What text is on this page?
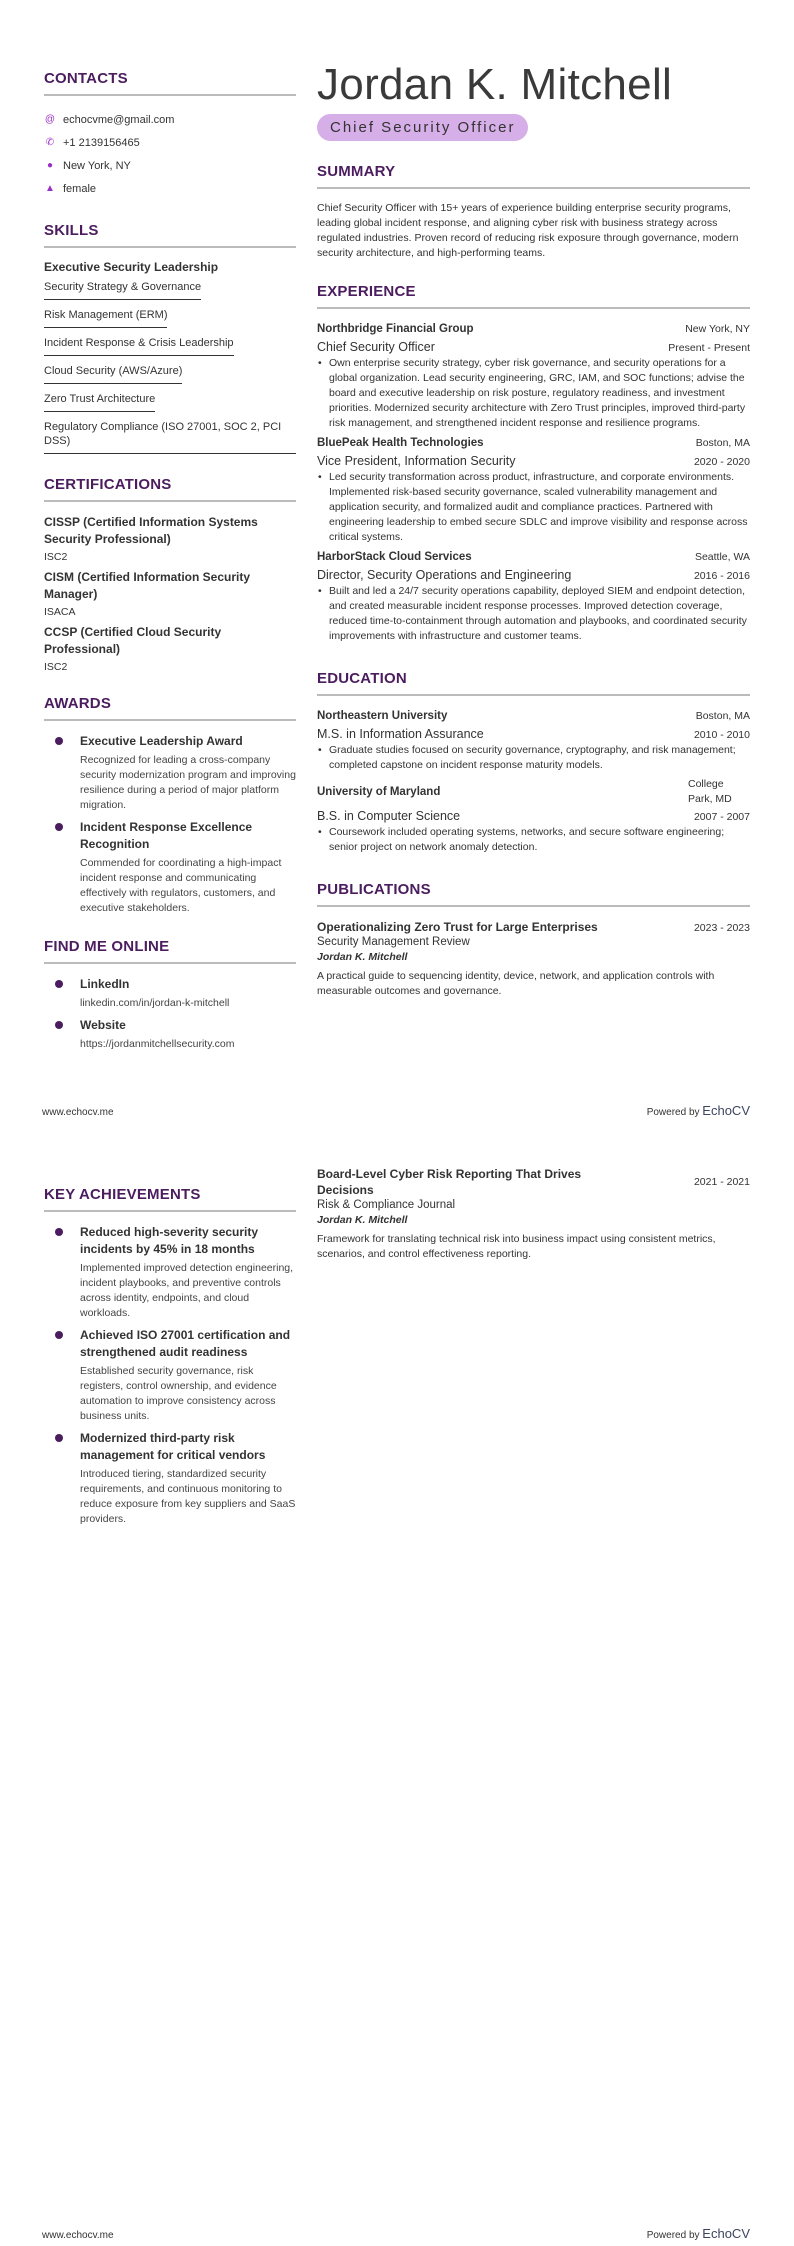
CONTACTS
@ echocvme@gmail.com
✆ +1 2139156465
● New York, NY
▲ female
SKILLS
Executive Security Leadership
Security Strategy & Governance
Risk Management (ERM)
Incident Response & Crisis Leadership
Cloud Security (AWS/Azure)
Zero Trust Architecture
Regulatory Compliance (ISO 27001, SOC 2, PCI DSS)
CERTIFICATIONS
CISSP (Certified Information Systems Security Professional)
ISC2
CISM (Certified Information Security Manager)
ISACA
CCSP (Certified Cloud Security Professional)
ISC2
AWARDS
Executive Leadership Award
Recognized for leading a cross-company security modernization program and improving resilience during a period of major platform migration.
Incident Response Excellence Recognition
Commended for coordinating a high-impact incident response and communicating effectively with regulators, customers, and executive stakeholders.
FIND ME ONLINE
LinkedIn
linkedin.com/in/jordan-k-mitchell
Website
https://jordanmitchellsecurity.com
Jordan K. Mitchell
Chief Security Officer
SUMMARY
Chief Security Officer with 15+ years of experience building enterprise security programs, leading global incident response, and aligning cyber risk with business strategy across regulated industries. Proven record of reducing risk exposure through governance, modern security architecture, and high-performing teams.
EXPERIENCE
Northbridge Financial Group	New York, NY
Chief Security Officer	Present - Present
• Own enterprise security strategy, cyber risk governance, and security operations for a global organization. Lead security engineering, GRC, IAM, and SOC functions; advise the board and executive leadership on risk posture, regulatory readiness, and investment priorities. Modernized security architecture with Zero Trust principles, improved third-party risk management, and strengthened incident response and resilience programs.
BluePeak Health Technologies	Boston, MA
Vice President, Information Security	2020 - 2020
• Led security transformation across product, infrastructure, and corporate environments. Implemented risk-based security governance, scaled vulnerability management and application security, and formalized audit and compliance practices. Partnered with engineering leadership to embed secure SDLC and improve visibility and response across critical systems.
HarborStack Cloud Services	Seattle, WA
Director, Security Operations and Engineering	2016 - 2016
• Built and led a 24/7 security operations capability, deployed SIEM and endpoint detection, and created measurable incident response processes. Improved detection coverage, reduced time-to-containment through automation and playbooks, and coordinated security improvements with infrastructure and customer teams.
EDUCATION
Northeastern University	Boston, MA
M.S. in Information Assurance	2010 - 2010
• Graduate studies focused on security governance, cryptography, and risk management; completed capstone on incident response maturity models.
University of Maryland
College Park, MD
B.S. in Computer Science	2007 - 2007
• Coursework included operating systems, networks, and secure software engineering; senior project on network anomaly detection.
PUBLICATIONS
Operationalizing Zero Trust for Large Enterprises	2023 - 2023
Security Management Review
Jordan K. Mitchell
A practical guide to sequencing identity, device, network, and application controls with measurable outcomes and governance.
www.echocv.me	Powered by EchoCV
KEY ACHIEVEMENTS
Reduced high-severity security incidents by 45% in 18 months
Implemented improved detection engineering, incident playbooks, and preventive controls across identity, endpoints, and cloud workloads.
Achieved ISO 27001 certification and strengthened audit readiness
Established security governance, risk registers, control ownership, and evidence automation to improve consistency across business units.
Modernized third-party risk management for critical vendors
Introduced tiering, standardized security requirements, and continuous monitoring to reduce exposure from key suppliers and SaaS providers.
Board-Level Cyber Risk Reporting That Drives Decisions
2021 - 2021
Risk & Compliance Journal
Jordan K. Mitchell
Framework for translating technical risk into business impact using consistent metrics, scenarios, and control effectiveness reporting.
www.echocv.me	Powered by EchoCV
